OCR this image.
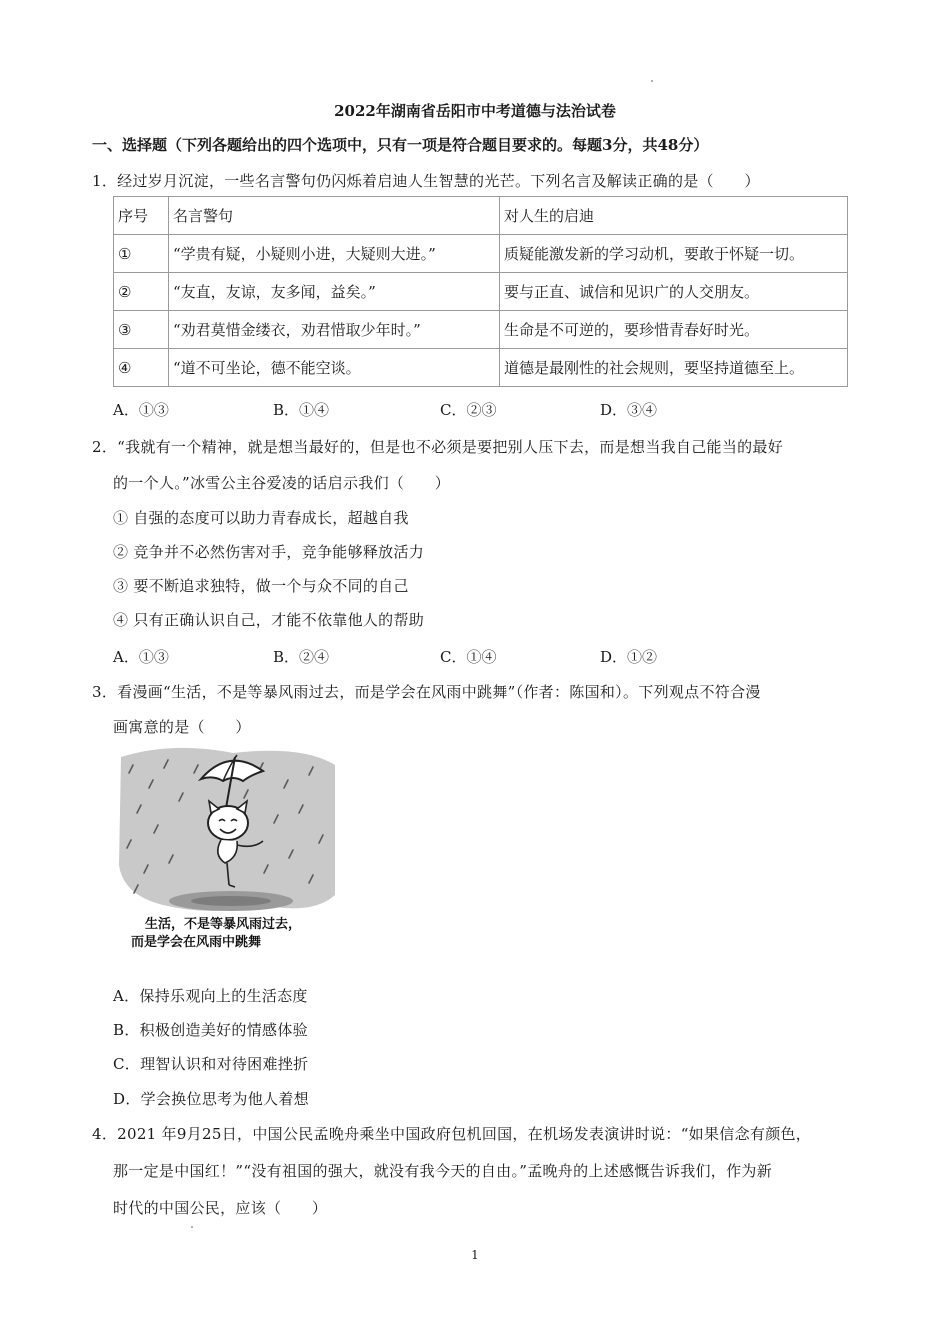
2022年湖南省岳阳市中考道德与法治试卷
一、选择题（下列各题给出的四个选项中，只有一项是符合题目要求的。每题3分，共48分）
1．经过岁月沉淀，一些名言警句仍闪烁着启迪人生智慧的光芒。下列名言及解读正确的是（　　）
序号	名言警句	对人生的启迪
①	“学贵有疑，小疑则小进，大疑则大进。”	质疑能激发新的学习动机，要敢于怀疑一切。
②	“友直，友谅，友多闻，益矣。”	要与正直、诚信和见识广的人交朋友。
③	“劝君莫惜金缕衣，劝君惜取少年时。”	生命是不可逆的，要珍惜青春好时光。
④	“道不可坐论，德不能空谈。	道德是最刚性的社会规则，要坚持道德至上。
A．①③	B．①④	C．②③	D．③④
2．“我就有一个精神，就是想当最好的，但是也不必须是要把别人压下去，而是想当我自己能当的最好
的一个人。”冰雪公主谷爱凌的话启示我们（　　）
① 自强的态度可以助力青春成长，超越自我
② 竞争并不必然伤害对手，竞争能够释放活力
③ 要不断追求独特，做一个与众不同的自己
④ 只有正确认识自己，才能不依靠他人的帮助
A．①③	B．②④	C．①④	D．①②
3．看漫画“生活，不是等暴风雨过去，而是学会在风雨中跳舞”（作者：陈国和）。下列观点不符合漫
画寓意的是（　　）
生活，不是等暴风雨过去，
而是学会在风雨中跳舞
A．保持乐观向上的生活态度
B．积极创造美好的情感体验
C．理智认识和对待困难挫折
D．学会换位思考为他人着想
4．2021 年9月25日，中国公民孟晚舟乘坐中国政府包机回国，在机场发表演讲时说：“如果信念有颜色，
那一定是中国红！”“没有祖国的强大，就没有我今天的自由。”孟晚舟的上述感慨告诉我们，作为新
时代的中国公民，应该（　　）
1
